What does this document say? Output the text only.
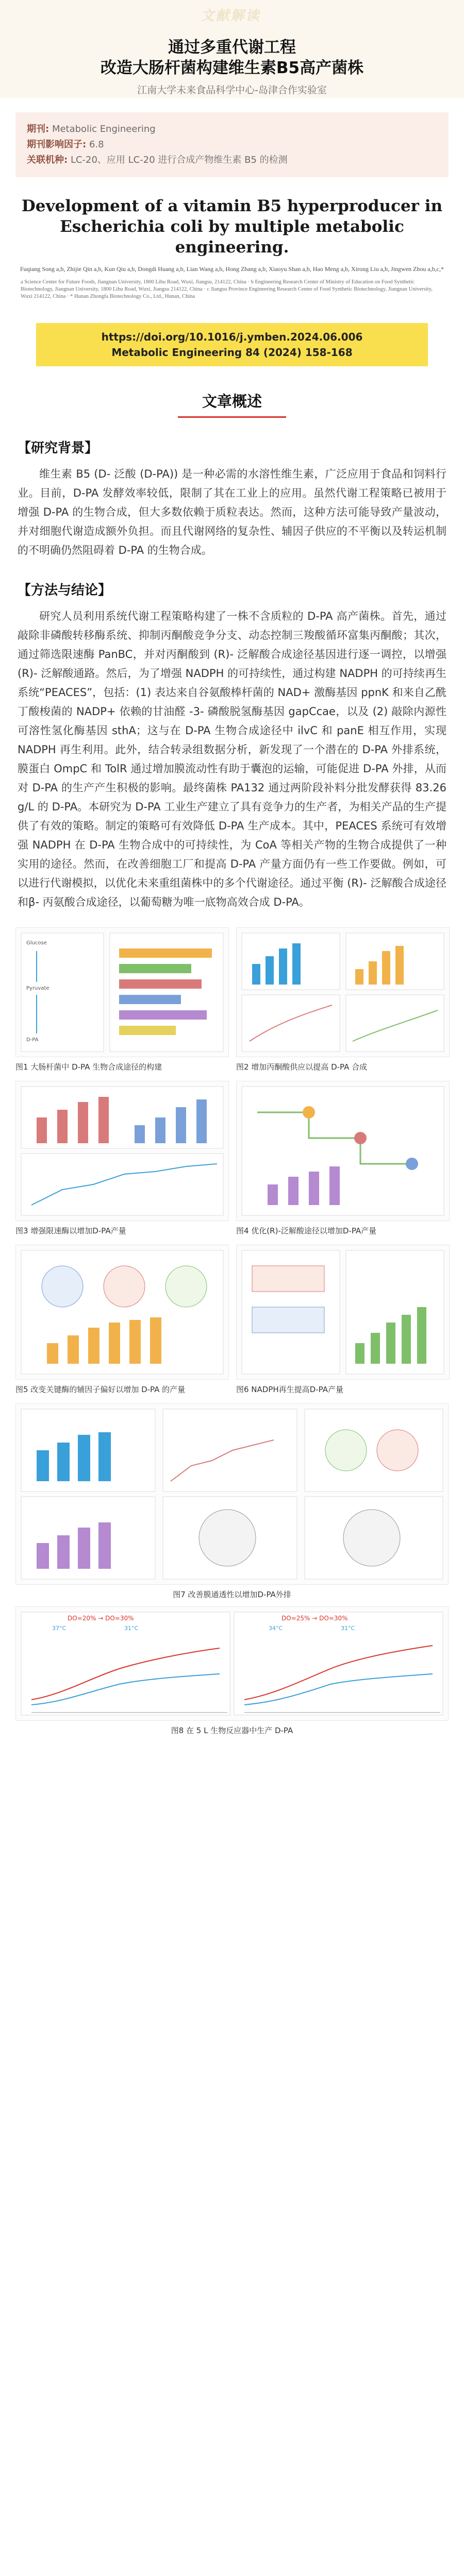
文献解读
通过多重代谢工程
改造大肠杆菌构建维生素B5高产菌株
江南大学未来食品科学中心-岛津合作实验室
期刊: Metabolic Engineering
期刊影响因子: 6.8
关联机种: LC-20、应用 LC-20 进行合成产物维生素 B5 的检测
Development of a vitamin B5 hyperproducer in Escherichia coli by multiple metabolic engineering.
Fuqiang Song a,b, Zhijie Qin a,b, Kun Qiu a,b, Dongdi Huang a,b, Lian Wang a,b, Hong Zhang a,b, Xiaoyu Shan a,b, Hao Meng a,b, Xirong Liu a,b, Jingwen Zhou a,b,c,*
a Science Center for Future Foods, Jiangnan University, 1800 Lihu Road, Wuxi, Jiangsu, 214122, China · b Engineering Research Center of Ministry of Education on Food Synthetic Biotechnology, Jiangnan University, 1800 Lihu Road, Wuxi, Jiangsu 214122, China · c Jiangsu Province Engineering Research Center of Food Synthetic Biotechnology, Jiangnan University, Wuxi 214122, China · * Hunan Zhongfa Biotechnology Co., Ltd., Hunan, China
https://doi.org/10.1016/j.ymben.2024.06.006
Metabolic Engineering 84 (2024) 158-168
文章概述
【研究背景】
维生素 B5 (D- 泛酸 (D-PA)) 是一种必需的水溶性维生素，广泛应用于食品和饲料行业。目前，D-PA 发酵效率较低，限制了其在工业上的应用。虽然代谢工程策略已被用于增强 D-PA 的生物合成，但大多数依赖于质粒表达。然而，这种方法可能导致产量波动，并对细胞代谢造成额外负担。而且代谢网络的复杂性、辅因子供应的不平衡以及转运机制的不明确仍然阻碍着 D-PA 的生物合成。
【方法与结论】
研究人员利用系统代谢工程策略构建了一株不含质粒的 D-PA 高产菌株。首先，通过敲除非磷酸转移酶系统、抑制丙酮酸竞争分支、动态控制三羧酸循环富集丙酮酸；其次，通过筛选限速酶 PanBC，并对丙酮酸到 (R)- 泛解酸合成途径基因进行逐一调控，以增强 (R)- 泛解酸通路。然后，为了增强 NADPH 的可持续性，通过构建 NADPH 的可持续再生系统“PEACES”，包括：(1) 表达来自谷氨酸棒杆菌的 NAD+ 激酶基因 ppnK 和来自乙酰丁酸梭菌的 NADP+ 依赖的甘油醛 -3- 磷酸脱氢酶基因 gapCcae，以及 (2) 敲除内源性可溶性氢化酶基因 sthA；这与在 D-PA 生物合成途径中 ilvC 和 panE 相互作用，实现 NADPH 再生利用。此外，结合转录组数据分析，新发现了一个潜在的 D-PA 外排系统，膜蛋白 OmpC 和 TolR 通过增加膜流动性有助于囊泡的运输，可能促进 D-PA 外排，从而对 D-PA 的生产产生积极的影响。最终菌株 PA132 通过两阶段补料分批发酵获得 83.26 g/L 的 D-PA。本研究为 D-PA 工业生产建立了具有竞争力的生产者，为相关产品的生产提供了有效的策略。制定的策略可有效降低 D-PA 生产成本。其中，PEACES 系统可有效增强 NADPH 在 D-PA 生物合成中的可持续性，为 CoA 等相关产物的生物合成提供了一种实用的途径。然而，在改善细胞工厂和提高 D-PA 产量方面仍有一些工作要做。例如，可以进行代谢模拟，以优化未来重组菌株中的多个代谢途径。通过平衡 (R)- 泛解酸合成途径和β- 丙氨酸合成途径，以葡萄糖为唯一底物高效合成 D-PA。
Glucose
Pyruvate
D-PA
图1 大肠杆菌中 D-PA 生物合成途径的构建	图2 增加丙酮酸供应以提高 D-PA 合成
图3 增强限速酶以增加D-PA产量	图4 优化(R)-泛解酸途径以增加D-PA产量
图5 改变关键酶的辅因子偏好以增加 D-PA 的产量	图6 NADPH再生提高D-PA产量
图7 改善膜通透性以增加D-PA外排
DO=20% → DO=30%	DO=25% → DO=30%
37°C	31°C	34°C	31°C
图8 在 5 L 生物反应器中生产 D-PA
